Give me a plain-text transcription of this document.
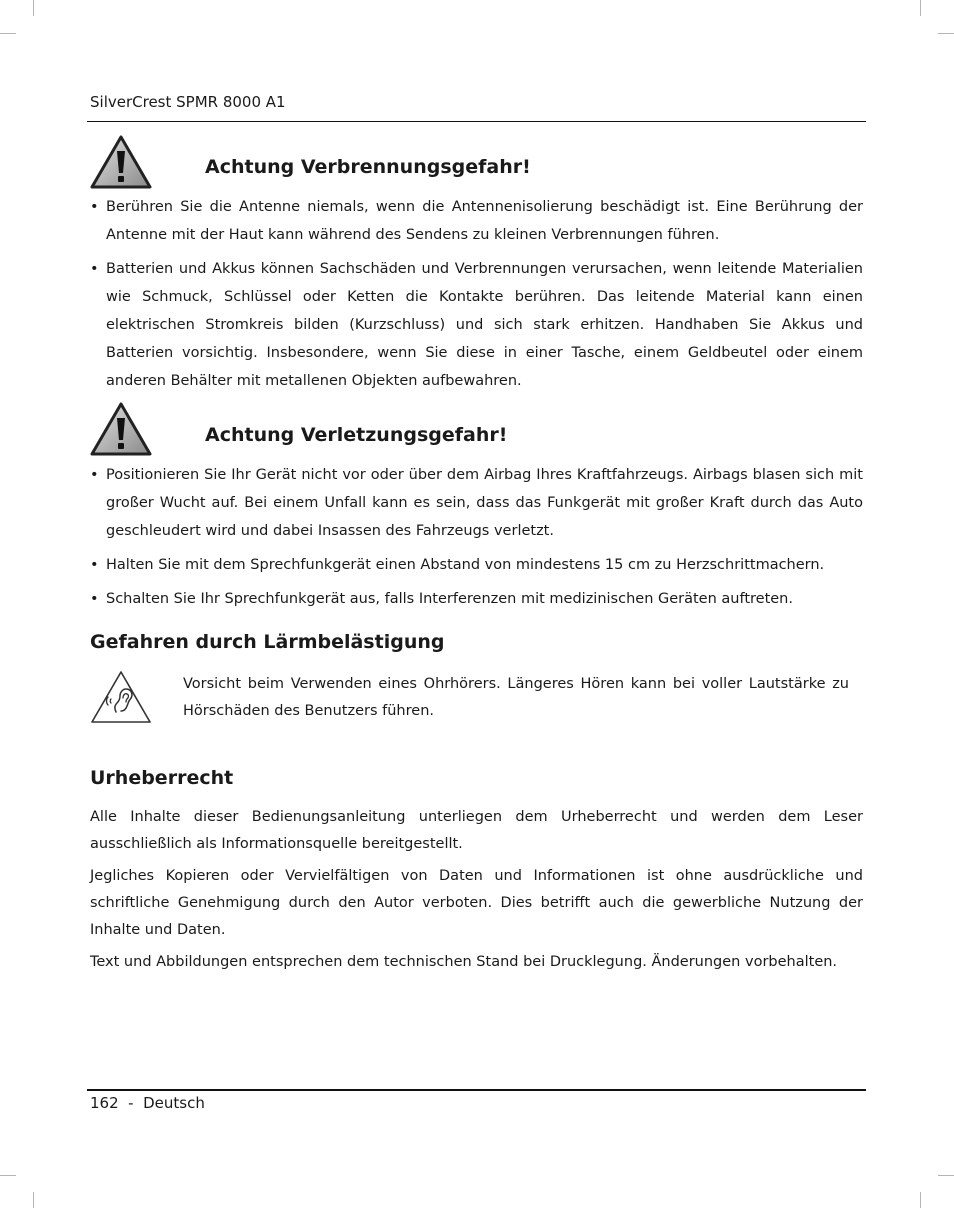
SilverCrest SPMR 8000 A1
Achtung Verbrennungsgefahr!
• Berühren Sie die Antenne niemals, wenn die Antennenisolierung beschädigt ist. Eine Berührung der Antenne mit der Haut kann während des Sendens zu kleinen Verbrennungen führen.
• Batterien und Akkus können Sachschäden und Verbrennungen verursachen, wenn leitende Materialien wie Schmuck, Schlüssel oder Ketten die Kontakte berühren. Das leitende Material kann einen elektrischen Stromkreis bilden (Kurzschluss) und sich stark erhitzen. Handhaben Sie Akkus und Batterien vorsichtig. Insbesondere, wenn Sie diese in einer Tasche, einem Geldbeutel oder einem anderen Behälter mit metallenen Objekten aufbewahren.
Achtung Verletzungsgefahr!
• Positionieren Sie Ihr Gerät nicht vor oder über dem Airbag Ihres Kraftfahrzeugs. Airbags blasen sich mit großer Wucht auf. Bei einem Unfall kann es sein, dass das Funkgerät mit großer Kraft durch das Auto geschleudert wird und dabei Insassen des Fahrzeugs verletzt.
• Halten Sie mit dem Sprechfunkgerät einen Abstand von mindestens 15 cm zu Herzschrittmachern.
• Schalten Sie Ihr Sprechfunkgerät aus, falls Interferenzen mit medizinischen Geräten auftreten.
Gefahren durch Lärmbelästigung

Vorsicht beim Verwenden eines Ohrhörers. Längeres Hören kann bei voller Lautstärke zu Hörschäden des Benutzers führen.

Urheberrecht

Alle Inhalte dieser Bedienungsanleitung unterliegen dem Urheberrecht und werden dem Leser ausschließlich als Informationsquelle bereitgestellt.

Jegliches Kopieren oder Vervielfältigen von Daten und Informationen ist ohne ausdrückliche und schriftliche Genehmigung durch den Autor verboten. Dies betrifft auch die gewerbliche Nutzung der Inhalte und Daten.

Text und Abbildungen entsprechen dem technischen Stand bei Drucklegung. Änderungen vorbehalten.

162  -  Deutsch
